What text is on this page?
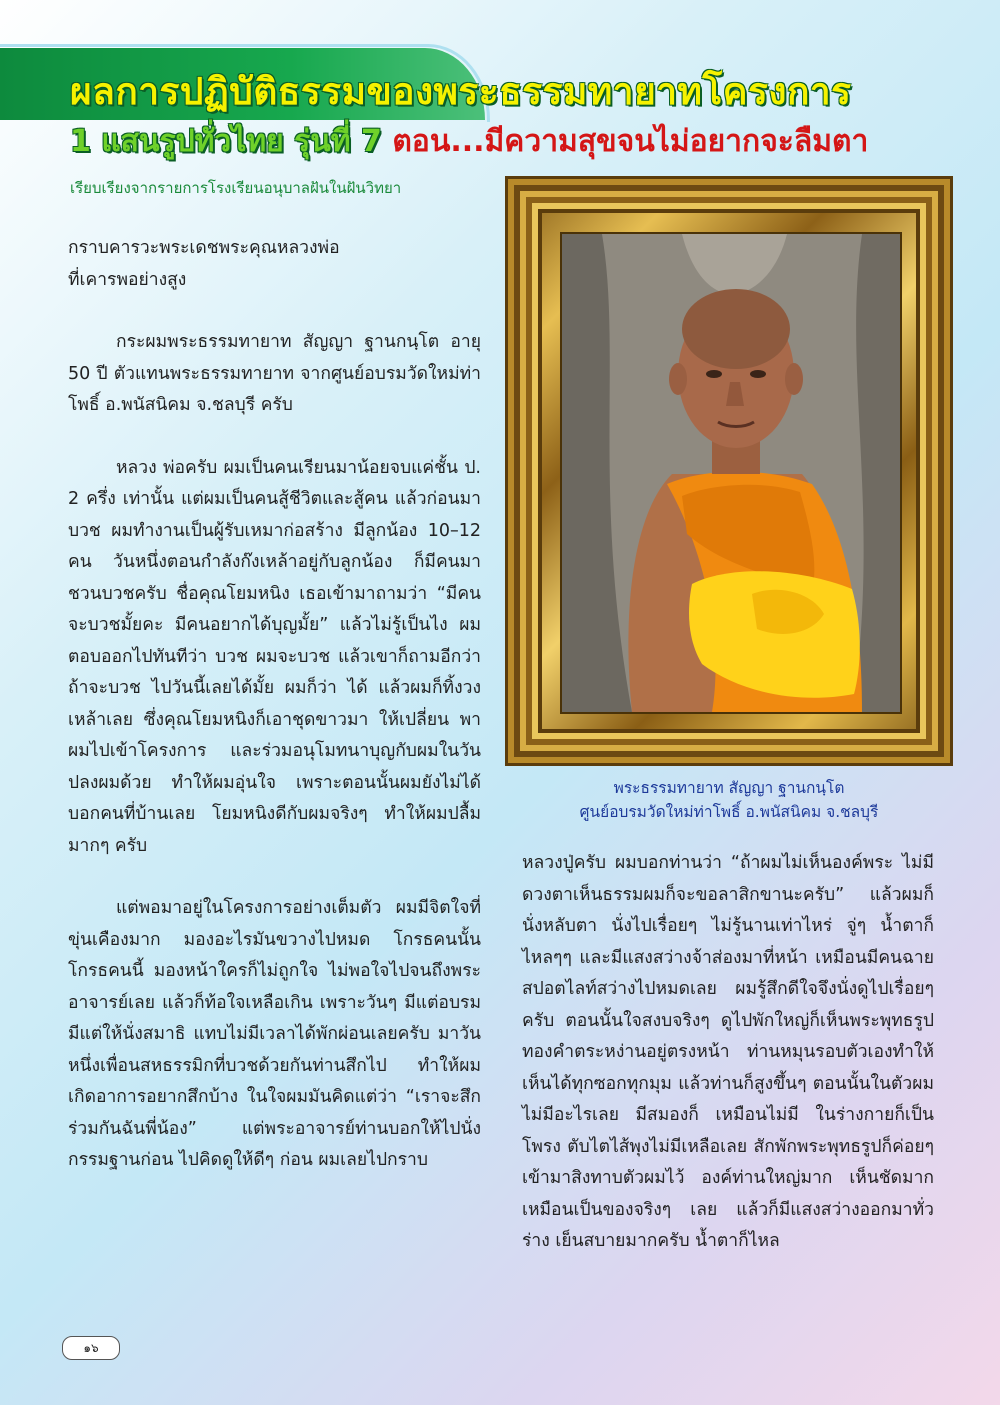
ผลการปฏิบัติธรรมของพระธรรมทายาทโครงการ
1 แสนรูปทั่วไทย รุ่นที่ 7 ตอน...มีความสุขจนไม่อยากจะลืมตา

เรียบเรียงจากรายการโรงเรียนอนุบาลฝันในฝันวิทยา

กราบคารวะพระเดชพระคุณหลวงพ่อ
ที่เคารพอย่างสูง

กระผมพระธรรมทายาท สัญญา ฐานกนฺโต อายุ 50 ปี ตัวแทนพระธรรมทายาท จากศูนย์อบรมวัดใหม่ท่าโพธิ์ อ.พนัสนิคม จ.ชลบุรี ครับ

หลวง พ่อครับ ผมเป็นคนเรียนมาน้อยจบแค่ชั้น ป. 2 ครึ่ง เท่านั้น แต่ผมเป็นคนสู้ชีวิตและสู้คน แล้วก่อนมาบวช ผมทำงานเป็นผู้รับเหมาก่อสร้าง มีลูกน้อง 10–12 คน วันหนึ่งตอนกำลังก๊งเหล้าอยู่กับลูกน้อง ก็มีคนมาชวนบวชครับ ชื่อคุณโยมหนิง เธอเข้ามาถามว่า “มีคนจะบวชมั้ยคะ มีคนอยากได้บุญมั้ย” แล้วไม่รู้เป็นไง ผมตอบออกไปทันทีว่า บวช ผมจะบวช แล้วเขาก็ถามอีกว่า ถ้าจะบวช ไปวันนี้เลยได้มั้ย ผมก็ว่า ได้ แล้วผมก็ทิ้งวงเหล้าเลย ซึ่งคุณโยมหนิงก็เอาชุดขาวมา ให้เปลี่ยน พาผมไปเข้าโครงการ และร่วมอนุโมทนาบุญกับผมในวันปลงผมด้วย ทำให้ผมอุ่นใจ เพราะตอนนั้นผมยังไม่ได้บอกคนที่บ้านเลย โยมหนิงดีกับผมจริงๆ ทำให้ผมปลื้มมากๆ ครับ

แต่พอมาอยู่ในโครงการอย่างเต็มตัว ผมมีจิตใจที่ขุ่นเคืองมาก มองอะไรมันขวางไปหมด โกรธคนนั้นโกรธคนนี้ มองหน้าใครก็ไม่ถูกใจ ไม่พอใจไปจนถึงพระอาจารย์เลย แล้วก็ท้อใจเหลือเกิน เพราะวันๆ มีแต่อบรม มีแต่ให้นั่งสมาธิ แทบไม่มีเวลาได้พักผ่อนเลยครับ มาวันหนึ่งเพื่อนสหธรรมิกที่บวชด้วยกันท่านสึกไป ทำให้ผมเกิดอาการอยากสึกบ้าง ในใจผมมันคิดแต่ว่า “เราจะสึกร่วมกันฉันพี่น้อง” แต่พระอาจารย์ท่านบอกให้ไปนั่งกรรมฐานก่อน ไปคิดดูให้ดีๆ ก่อน ผมเลยไปกราบ

หลวงปู่ครับ ผมบอกท่านว่า “ถ้าผมไม่เห็นองค์พระ ไม่มีดวงตาเห็นธรรมผมก็จะขอลาสิกขานะครับ” แล้วผมก็นั่งหลับตา นั่งไปเรื่อยๆ ไม่รู้นานเท่าไหร่ จู่ๆ น้ำตาก็ไหลๆๆ และมีแสงสว่างจ้าส่องมาที่หน้า เหมือนมีคนฉายสปอตไลท์สว่างไปหมดเลย ผมรู้สึกดีใจจึงนั่งดูไปเรื่อยๆ ครับ ตอนนั้นใจสงบจริงๆ ดูไปพักใหญ่ก็เห็นพระพุทธรูปทองคำตระหง่านอยู่ตรงหน้า ท่านหมุนรอบตัวเองทำให้เห็นได้ทุกซอกทุกมุม แล้วท่านก็สูงขึ้นๆ ตอนนั้นในตัวผมไม่มีอะไรเลย มีสมองก็ เหมือนไม่มี ในร่างกายก็เป็นโพรง ตับไตไส้พุงไม่มีเหลือเลย สักพักพระพุทธรูปก็ค่อยๆ เข้ามาสิงทาบตัวผมไว้ องค์ท่านใหญ่มาก เห็นชัดมากเหมือนเป็นของจริงๆ เลย แล้วก็มีแสงสว่างออกมาทั่วร่าง เย็นสบายมากครับ น้ำตาก็ไหล

พระธรรมทายาท สัญญา ฐานกนฺโต
ศูนย์อบรมวัดใหม่ท่าโพธิ์ อ.พนัสนิคม จ.ชลบุรี
๑๖
